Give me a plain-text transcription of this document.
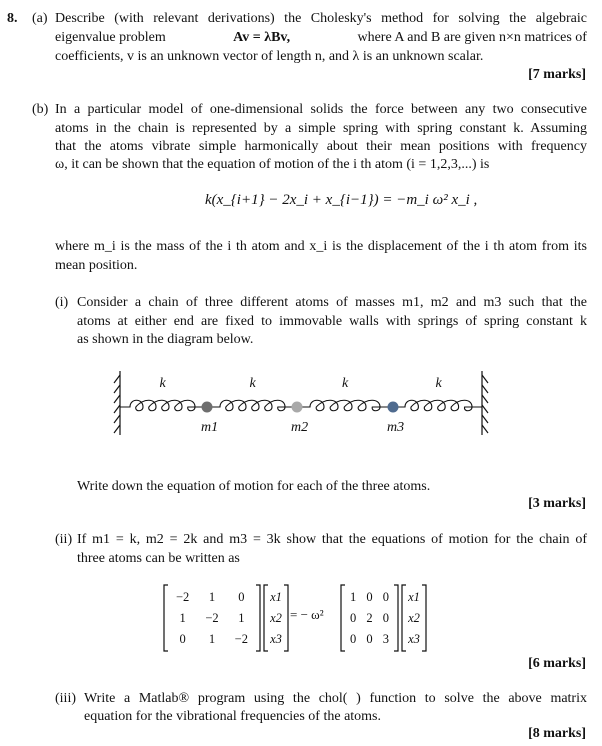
8. (a) Describe (with relevant derivations) the Cholesky's method for solving the algebraic
eigenvalue problem	Av = λBv,	where A and B are given n×n matrices of
coefficients, v is an unknown vector of length n, and λ is an unknown scalar.
[7 marks]
(b) In a particular model of one-dimensional solids the force between any two consecutive
atoms in the chain is represented by a simple spring with spring constant k. Assuming
that the atoms vibrate simple harmonically about their mean positions with frequency
ω, it can be shown that the equation of motion of the i th atom (i = 1,2,3,...) is
k(x_{i+1} − 2x_i + x_{i−1}) = −m_i ω² x_i ,
where m_i is the mass of the i th atom and x_i is the displacement of the i th atom from its
mean position.
(i) Consider a chain of three different atoms of masses m1, m2 and m3 such that the
atoms at either end are fixed to immovable walls with springs of spring constant k
as shown in the diagram below.
k	k	k	k
m1	m2	m3
Write down the equation of motion for each of the three atoms.
[3 marks]
(ii) If m1 = k, m2 = 2k and m3 = 3k show that the equations of motion for the chain of
three atoms can be written as
−2	1	0
1	−2	1
0	1	−2
x1
x2
x3
= − ω²
1 0 0
0 2 0
0 0 3
x1
x2
x3
[6 marks]
(iii) Write a Matlab® program using the chol( ) function to solve the above matrix
equation for the vibrational frequencies of the atoms.
[8 marks]
